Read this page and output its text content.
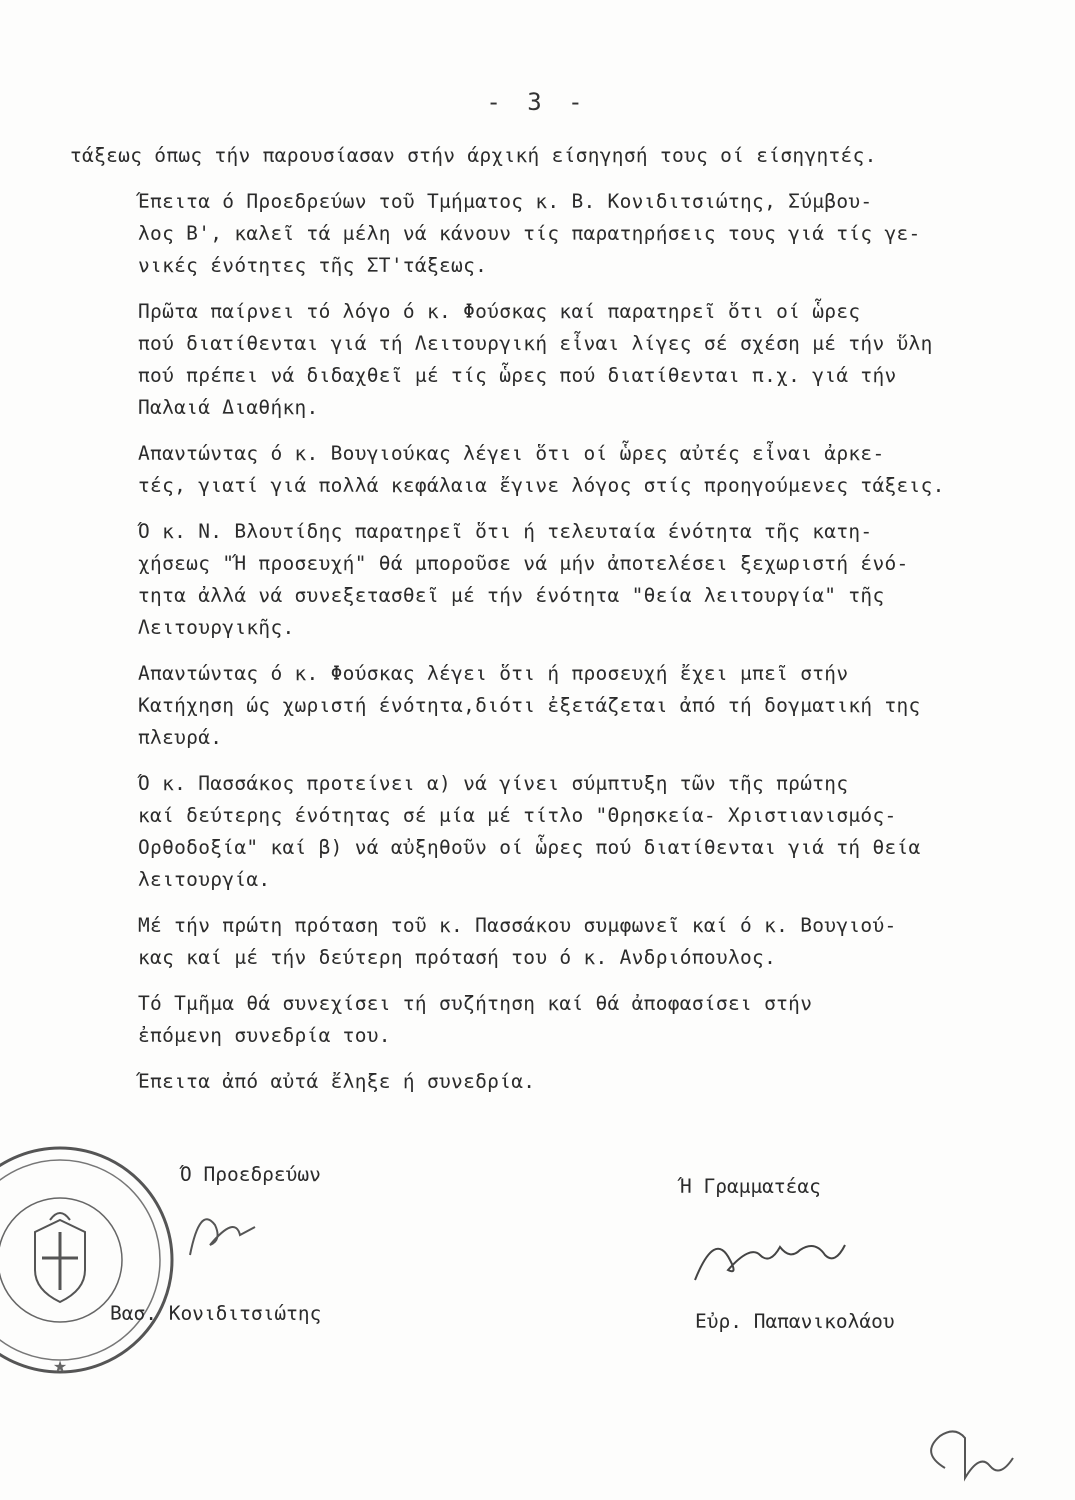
- 3 -

τάξεως όπως τήν παρουσίασαν στήν άρχική είσηγησή τους οί είσηγητές.

Έπειτα ό Προεδρεύων τοῦ Τμήματος κ. Β. Κονιδιτσιώτης, Σύμβου-
λος Β', καλεῖ τά μέλη νά κάνουν τίς παρατηρήσεις τους γιά τίς γε-
νικές ένότητες τῆς ΣΤ'τάξεως.

Πρῶτα παίρνει τό λόγο ό κ. Φούσκας καί παρατηρεῖ ὅτι οί ὧρες
πού διατίθενται γιά τή Λειτουργική εἶναι λίγες σέ σχέση μέ τήν ὕλη
πού πρέπει νά διδαχθεῖ μέ τίς ὧρες πού διατίθενται π.χ. γιά τήν
Παλαιά Διαθήκη.

Απαντώντας ό κ. Βουγιούκας λέγει ὅτι οί ὧρες αὐτές εἶναι ἀρκε-
τές, γιατί γιά πολλά κεφάλαια ἔγινε λόγος στίς προηγούμενες τάξεις.

Ό κ. Ν. Βλουτίδης παρατηρεῖ ὅτι ή τελευταία ένότητα τῆς κατη-
χήσεως "Ή προσευχή" θά μποροῦσε νά μήν ἀποτελέσει ξεχωριστή ένό-
τητα ἀλλά νά συνεξετασθεῖ μέ τήν ένότητα "θεία λειτουργία" τῆς
Λειτουργικῆς.

Απαντώντας ό κ. Φούσκας λέγει ὅτι ή προσευχή ἔχει μπεῖ στήν
Κατήχηση ώς χωριστή ένότητα,διότι ἐξετάζεται ἀπό τή δογματική της
πλευρά.

Ό κ. Πασσάκος προτείνει α) νά γίνει σύμπτυξη τῶν τῆς πρώτης
καί δεύτερης ένότητας σέ μία μέ τίτλο "Θρησκεία- Χριστιανισμός-
Ορθοδοξία" καί β) νά αὐξηθοῦν οί ὧρες πού διατίθενται γιά τή θεία
λειτουργία.

Μέ τήν πρώτη πρόταση τοῦ κ. Πασσάκου συμφωνεῖ καί ό κ. Βουγιού-
κας καί μέ τήν δεύτερη πρότασή του ό κ. Ανδριόπουλος.

Τό Τμῆμα θά συνεχίσει τή συζήτηση καί θά ἀποφασίσει στήν
ἐπόμενη συνεδρία του.

Έπειτα ἀπό αὐτά ἔληξε ή συνεδρία.

★
Ό Προεδρεύων
Βασ. Κονιδιτσιώτης
Ή Γραμματέας
Εὐρ. Παπανικολάου
